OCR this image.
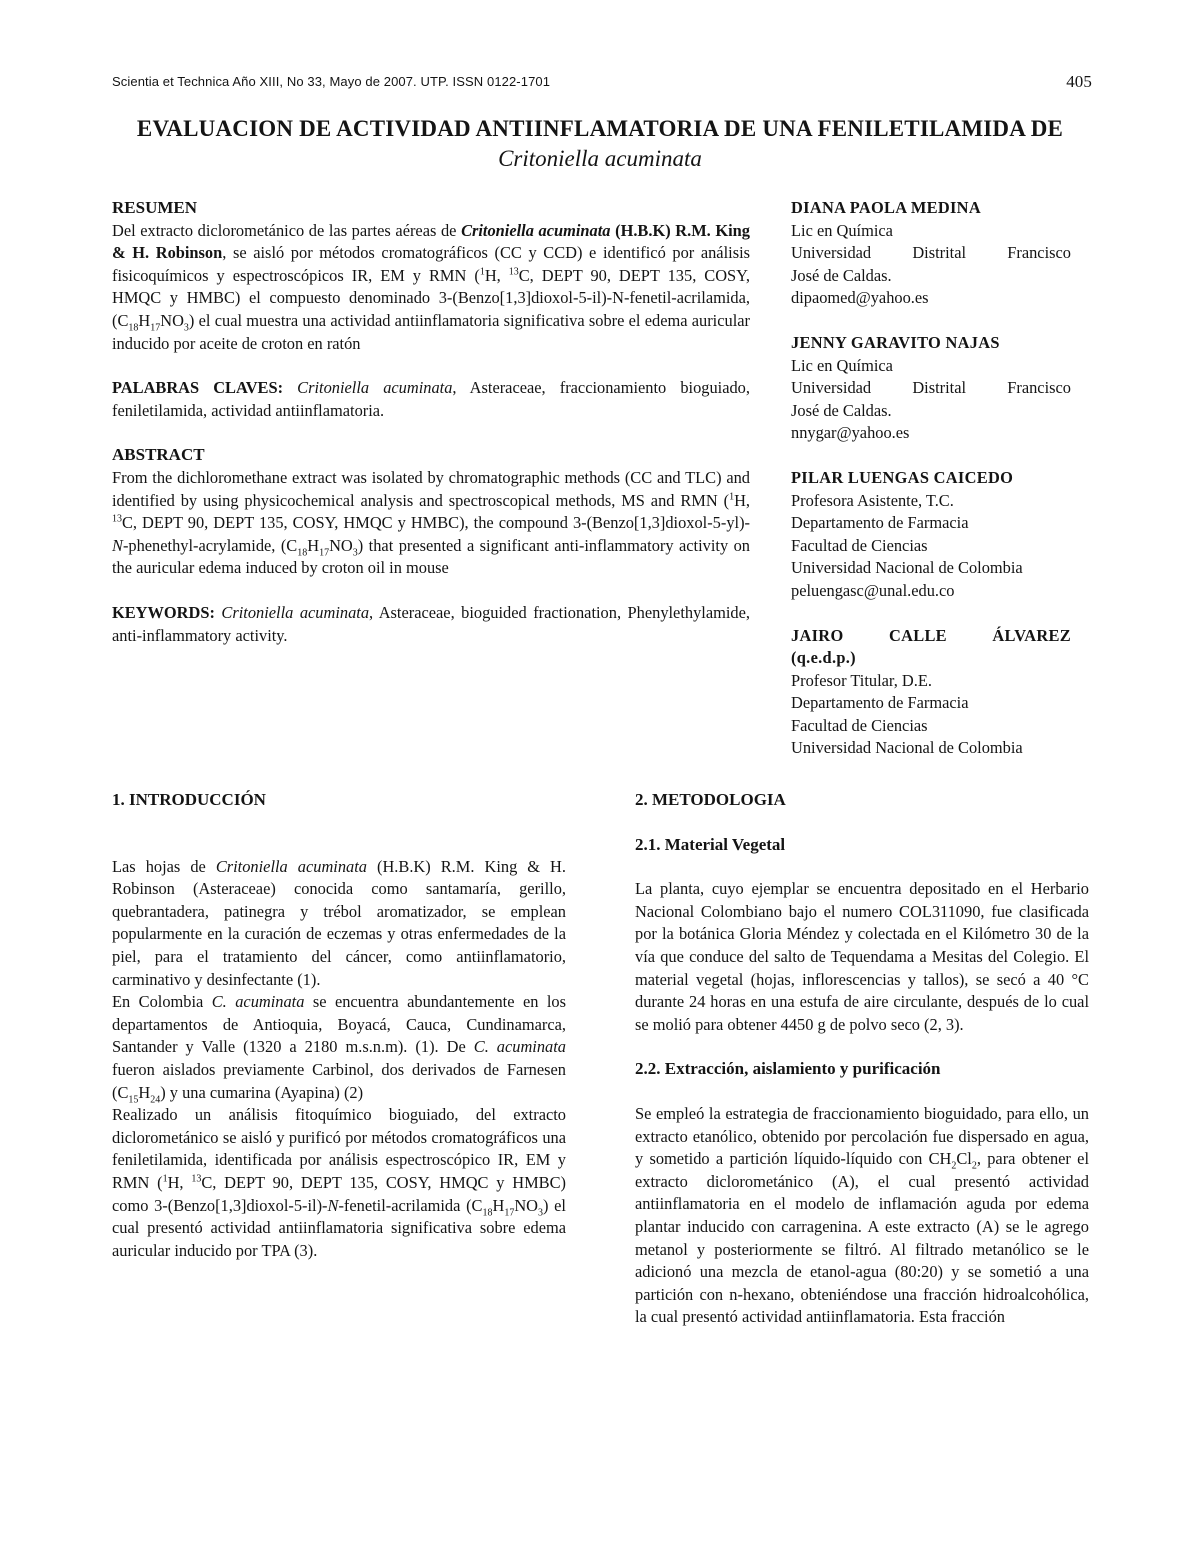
Scientia et Technica Año XIII, No 33, Mayo de 2007. UTP. ISSN 0122-1701	405
EVALUACION DE ACTIVIDAD ANTIINFLAMATORIA DE UNA FENILETILAMIDA DE
Critoniella acuminata
RESUMEN

Del extracto diclorometánico de las partes aéreas de Critoniella acuminata (H.B.K) R.M. King & H. Robinson, se aisló por métodos cromatográficos (CC y CCD) e identificó por análisis fisicoquímicos y espectroscópicos IR, EM y RMN ($^1$H, $^{13}$C, DEPT 90, DEPT 135, COSY, HMQC y HMBC) el compuesto denominado 3-(Benzo[1,3]dioxol-5-il)-N-fenetil-acrilamida, $(C_{18}H_{17}NO_3)$ el cual muestra una actividad antiinflamatoria significativa sobre el edema auricular inducido por aceite de croton en ratón

PALABRAS CLAVES: Critoniella acuminata, Asteraceae, fraccionamiento bioguiado, feniletilamida, actividad antiinflamatoria.

ABSTRACT

From the dichloromethane extract was isolated by chromatographic methods (CC and TLC) and identified by using physicochemical analysis and spectroscopical methods, MS and RMN ($^1$H, $^{13}$C, DEPT 90, DEPT 135, COSY, HMQC y HMBC), the compound 3-(Benzo[1,3]dioxol-5-yl)-N-phenethyl-acrylamide, $(C_{18}H_{17}NO_3)$ that presented a significant anti-inflammatory activity on the auricular edema induced by croton oil in mouse

KEYWORDS: Critoniella acuminata, Asteraceae, bioguided fractionation, Phenylethylamide, anti-inflammatory activity.

DIANA PAOLA MEDINA
Lic en Química
Universidad	Distrital	Francisco
José de Caldas.
dipaomed@yahoo.es
JENNY GARAVITO NAJAS
Lic en Química
Universidad	Distrital	Francisco
José de Caldas.
nnygar@yahoo.es
PILAR LUENGAS CAICEDO
Profesora Asistente, T.C.
Departamento de Farmacia
Facultad de Ciencias
Universidad Nacional de Colombia
peluengasc@unal.edu.co
JAIRO	CALLE	ÁLVAREZ
(q.e.d.p.)
Profesor Titular, D.E.
Departamento de Farmacia
Facultad de Ciencias
Universidad Nacional de Colombia
1. INTRODUCCIÓN

Las hojas de Critoniella acuminata (H.B.K) R.M. King & H. Robinson (Asteraceae) conocida como santamaría, gerillo, quebrantadera, patinegra y trébol aromatizador, se emplean popularmente en la curación de eczemas y otras enfermedades de la piel, para el tratamiento del cáncer, como antiinflamatorio, carminativo y desinfectante (1).

En Colombia C. acuminata se encuentra abundantemente en los departamentos de Antioquia, Boyacá, Cauca, Cundinamarca, Santander y Valle (1320 a 2180 m.s.n.m). (1). De C. acuminata fueron aislados previamente Carbinol, dos derivados de Farnesen $(C_{15}H_{24})$ y una cumarina (Ayapina) (2)

Realizado un análisis fitoquímico bioguiado, del extracto diclorometánico se aisló y purificó por métodos cromatográficos una feniletilamida, identificada por análisis espectroscópico IR, EM y RMN ($^1$H, $^{13}$C, DEPT 90, DEPT 135, COSY, HMQC y HMBC) como 3-(Benzo[1,3]dioxol-5-il)-N-fenetil-acrilamida $(C_{18}H_{17}NO_3)$ el cual presentó actividad antiinflamatoria significativa sobre edema auricular inducido por TPA (3).

2. METODOLOGIA
2.1. Material Vegetal

La planta, cuyo ejemplar se encuentra depositado en el Herbario Nacional Colombiano bajo el numero COL311090, fue clasificada por la botánica Gloria Méndez y colectada en el Kilómetro 30 de la vía que conduce del salto de Tequendama a Mesitas del Colegio. El material vegetal (hojas, inflorescencias y tallos), se secó a 40 °C durante 24 horas en una estufa de aire circulante, después de lo cual se molió para obtener 4450 g de polvo seco (2, 3).

2.2. Extracción, aislamiento y purificación

Se empleó la estrategia de fraccionamiento bioguidado, para ello, un extracto etanólico, obtenido por percolación fue dispersado en agua, y sometido a partición líquido-líquido con $CH_2Cl_2$, para obtener el extracto diclorometánico (A), el cual presentó actividad antiinflamatoria en el modelo de inflamación aguda por edema plantar inducido con carragenina. A este extracto (A) se le agrego metanol y posteriormente se filtró. Al filtrado metanólico se le adicionó una mezcla de etanol-agua (80:20) y se sometió a una partición con n-hexano, obteniéndose una fracción hidroalcohólica, la cual presentó actividad antiinflamatoria. Esta fracción
